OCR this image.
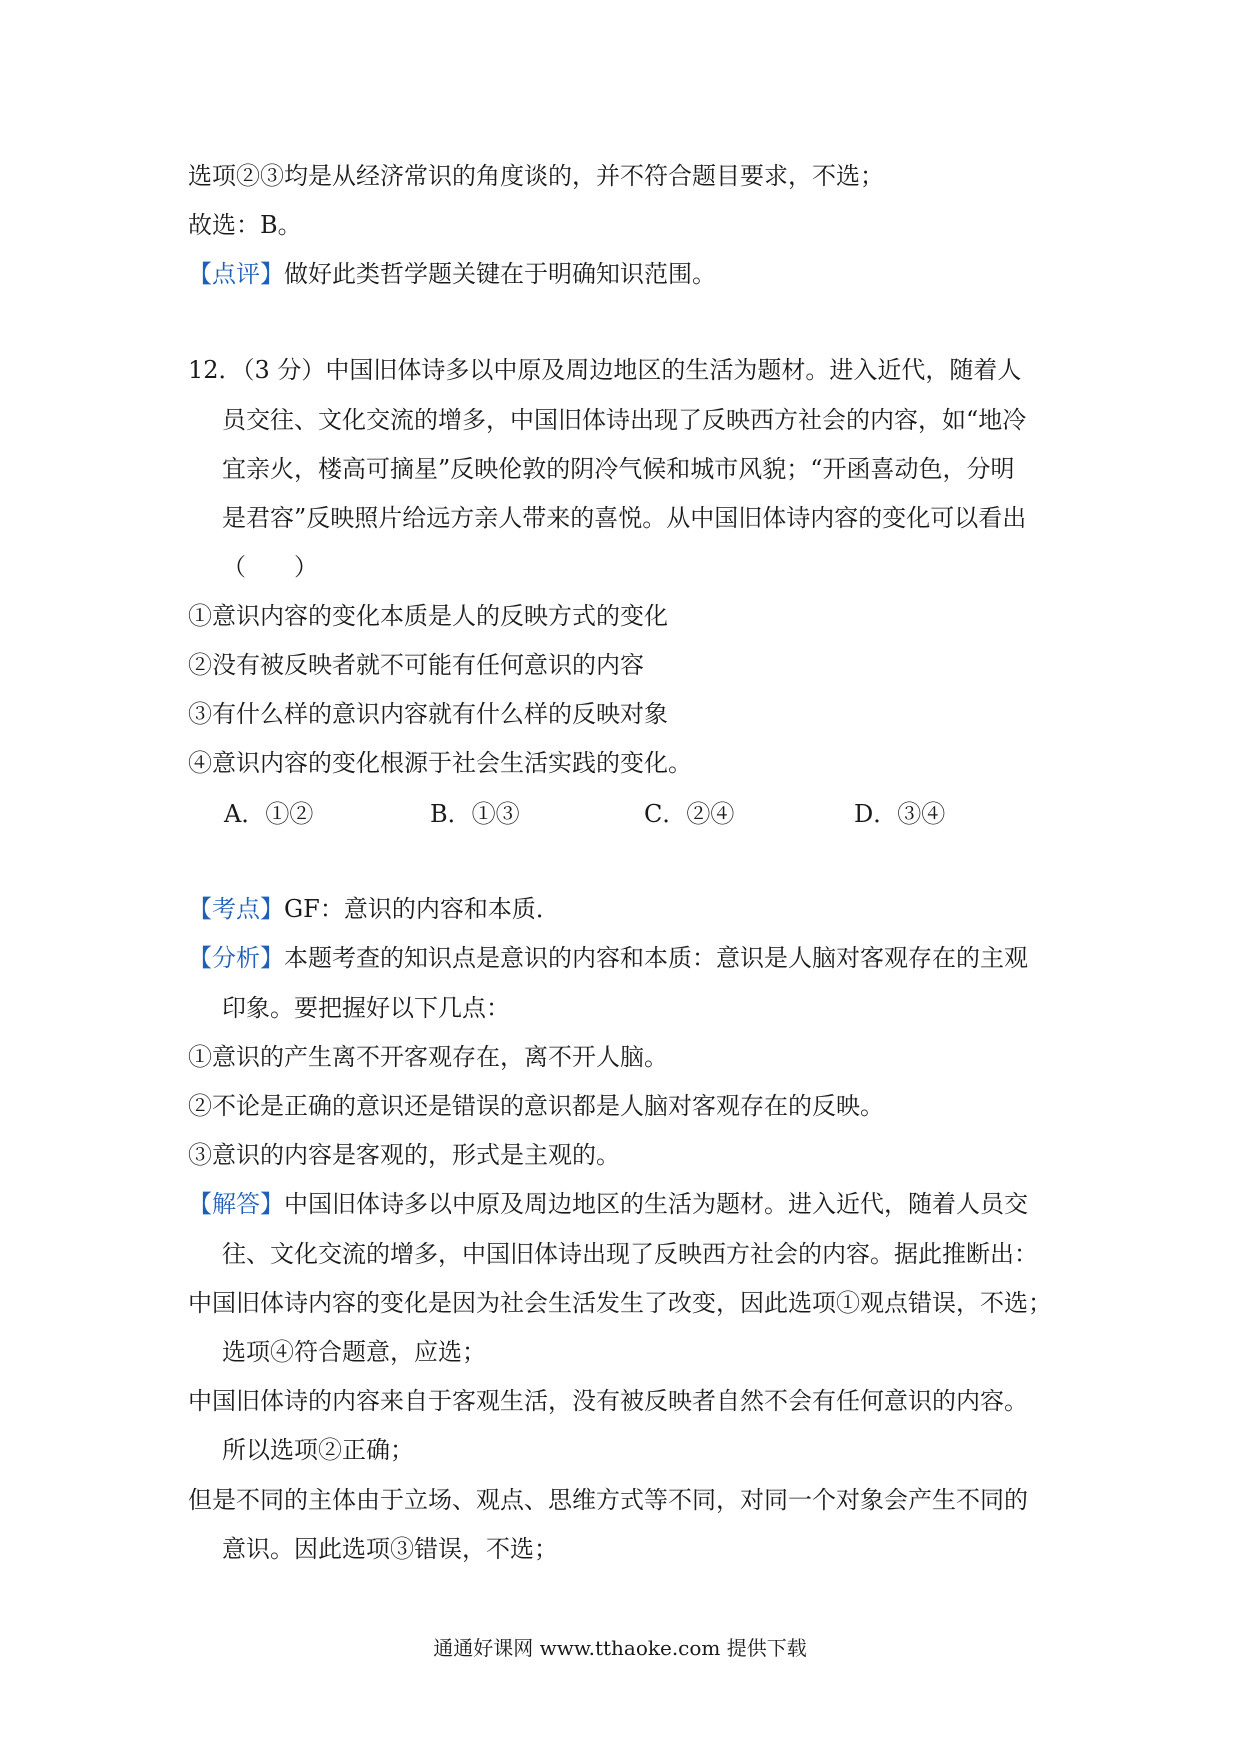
选项②③均是从经济常识的角度谈的，并不符合题目要求，不选；
故选：B。
【点评】做好此类哲学题关键在于明确知识范围。
12．（3 分）中国旧体诗多以中原及周边地区的生活为题材。进入近代，随着人
员交往、文化交流的增多，中国旧体诗出现了反映西方社会的内容，如“地冷
宜亲火，楼高可摘星”反映伦敦的阴冷气候和城市风貌；“开函喜动色，分明
是君容”反映照片给远方亲人带来的喜悦。从中国旧体诗内容的变化可以看出
（　　）
①意识内容的变化本质是人的反映方式的变化
②没有被反映者就不可能有任何意识的内容
③有什么样的意识内容就有什么样的反映对象
④意识内容的变化根源于社会生活实践的变化。
A．①②	B．①③	C．②④	D．③④
【考点】GF：意识的内容和本质．
【分析】本题考查的知识点是意识的内容和本质：意识是人脑对客观存在的主观
印象。要把握好以下几点：
①意识的产生离不开客观存在，离不开人脑。
②不论是正确的意识还是错误的意识都是人脑对客观存在的反映。
③意识的内容是客观的，形式是主观的。
【解答】中国旧体诗多以中原及周边地区的生活为题材。进入近代，随着人员交
往、文化交流的增多，中国旧体诗出现了反映西方社会的内容。据此推断出：
中国旧体诗内容的变化是因为社会生活发生了改变，因此选项①观点错误，不选；
选项④符合题意，应选；
中国旧体诗的内容来自于客观生活，没有被反映者自然不会有任何意识的内容。
所以选项②正确；
但是不同的主体由于立场、观点、思维方式等不同，对同一个对象会产生不同的
意识。因此选项③错误，不选；
通通好课网 www.tthaoke.com 提供下载
